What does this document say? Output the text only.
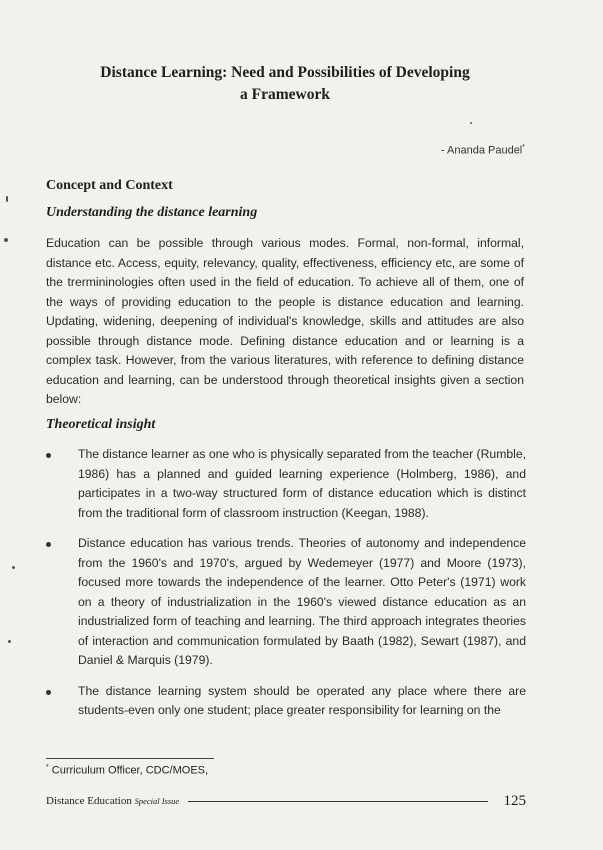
Distance Learning: Need and Possibilities of Developing
a Framework
- Ananda Paudel*
Concept and Context
Understanding the distance learning
Education can be possible through various modes. Formal, non-formal, informal, distance etc. Access, equity, relevancy, quality, effectiveness, efficiency etc, are some of the trermininologies often used in the field of education. To achieve all of them, one of the ways of providing education to the people is distance education and learning. Updating, widening, deepening of individual's knowledge, skills and attitudes are also possible through distance mode. Defining distance education and or learning is a complex task. However, from the various literatures, with reference to defining distance education and learning, can be understood through theoretical insights given a section below:
Theoretical insight
The distance learner as one who is physically separated from the teacher (Rumble, 1986) has a planned and guided learning experience (Holmberg, 1986), and participates in a two-way structured form of distance education which is distinct from the traditional form of classroom instruction (Keegan, 1988).
Distance education has various trends. Theories of autonomy and independence from the 1960's and 1970's, argued by Wedemeyer (1977) and Moore (1973), focused more towards the independence of the learner. Otto Peter's (1971) work on a theory of industrialization in the 1960's viewed distance education as an industrialized form of teaching and learning. The third approach integrates theories of interaction and communication formulated by Baath (1982), Sewart (1987), and Daniel & Marquis (1979).
The distance learning system should be operated any place where there are students-even only one student; place greater responsibility for learning on the
* Curriculum Officer, CDC/MOES,
Distance Education Special Issue	125
